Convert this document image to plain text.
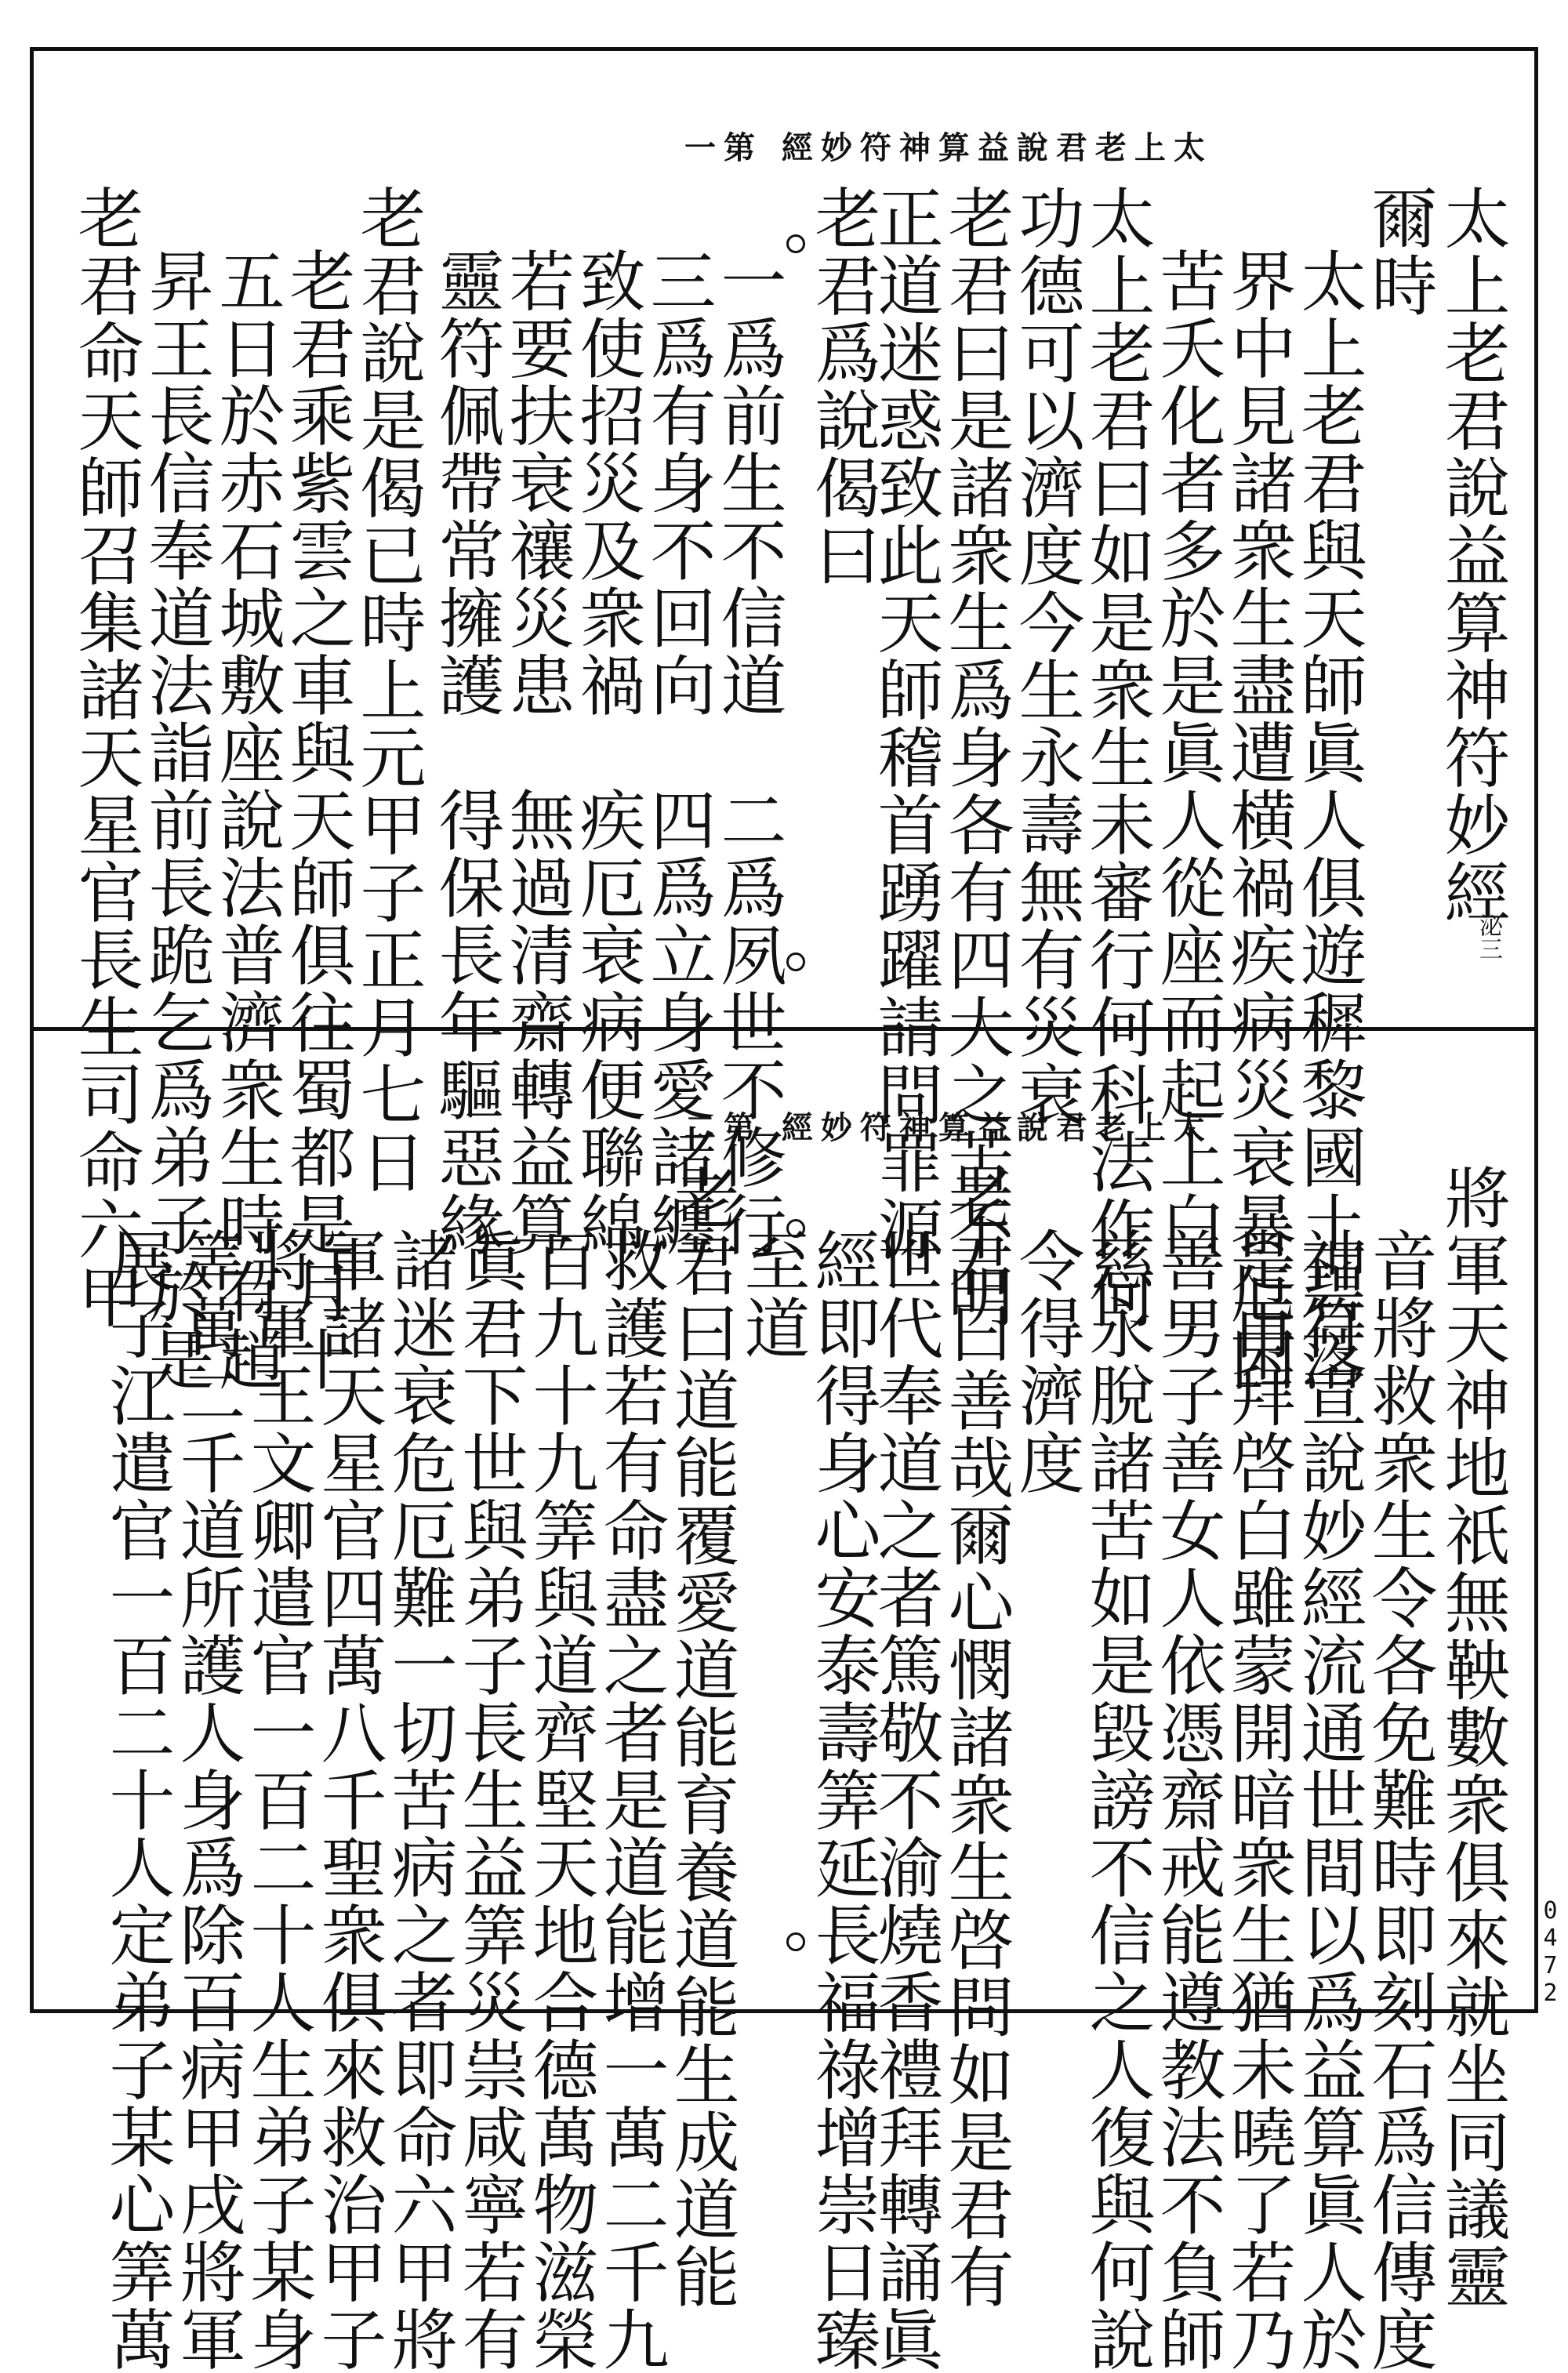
太上老君說益算神符妙經 第一
泌三
太上老君說益算神符妙經
爾時
太上老君與天師眞人俱遊穉黎國土碧落
界中見諸衆生盡遭横禍疾病災衰暴厄困
苦夭化者多於是眞人從座而起上白
太上老君曰如是衆生未審行何科法作何
功德可以濟度今生永壽無有災衰
老君曰是諸衆生爲身各有四大之苦不明
正道迷惑致此天師稽首踴躍請問罪源
老君爲說偈曰
一爲前生不信道　二爲夙世不修行
三爲有身不回向　四爲立身愛諸纏
致使招災及衆禍　疾厄衰病便聯綿
若要扶衰禳災患　無過清齋轉益算
靈符佩帶常擁護　得保長年驅惡緣
老君說是偈已時上元甲子正月七日
老君乘紫雲之車與天師俱往蜀都是月十
五日於赤石城敷座說法普濟衆生時有趙
昇王長信奉道法詣前長跪乞爲弟子於是
老君命天師召集諸天星官長生司命六甲	太上老君說益算神符妙經 第二
將軍天神地祇無鞅數衆俱來就坐同議靈
音將救衆生令各免難時即刻石爲信傳度
神符宣說妙經流通世間以爲益算眞人於
是再拜啓白雖蒙開暗衆生猶未曉了若乃
善男子善女人依憑齋戒能遵教法不負師
慈永脫諸苦如是毀謗不信之人復與何說
令得濟度
老君曰善哉爾心憫諸衆生啓問如是君有
世代奉道之者篤敬不渝燒香禮拜轉誦眞
經即得身心安泰壽筭延長福祿增崇日臻
至道
老君曰道能覆愛道能育養道能生成道能
救護若有命盡之者是道能增一萬二千九
百九十九筭與道齊堅天地合德萬物滋榮
眞君下世與弟子長生益筭災祟咸寧若有
諸迷衰危厄難一切苦病之者即命六甲將
軍諸天星官四萬八千聖衆俱來救治甲子
將軍王文卿遣官一百二十人生弟子某身
筭萬二千道所護人身爲除百病甲戌將軍
展子江遣官一百二十人定弟子某心筭萬	0472
